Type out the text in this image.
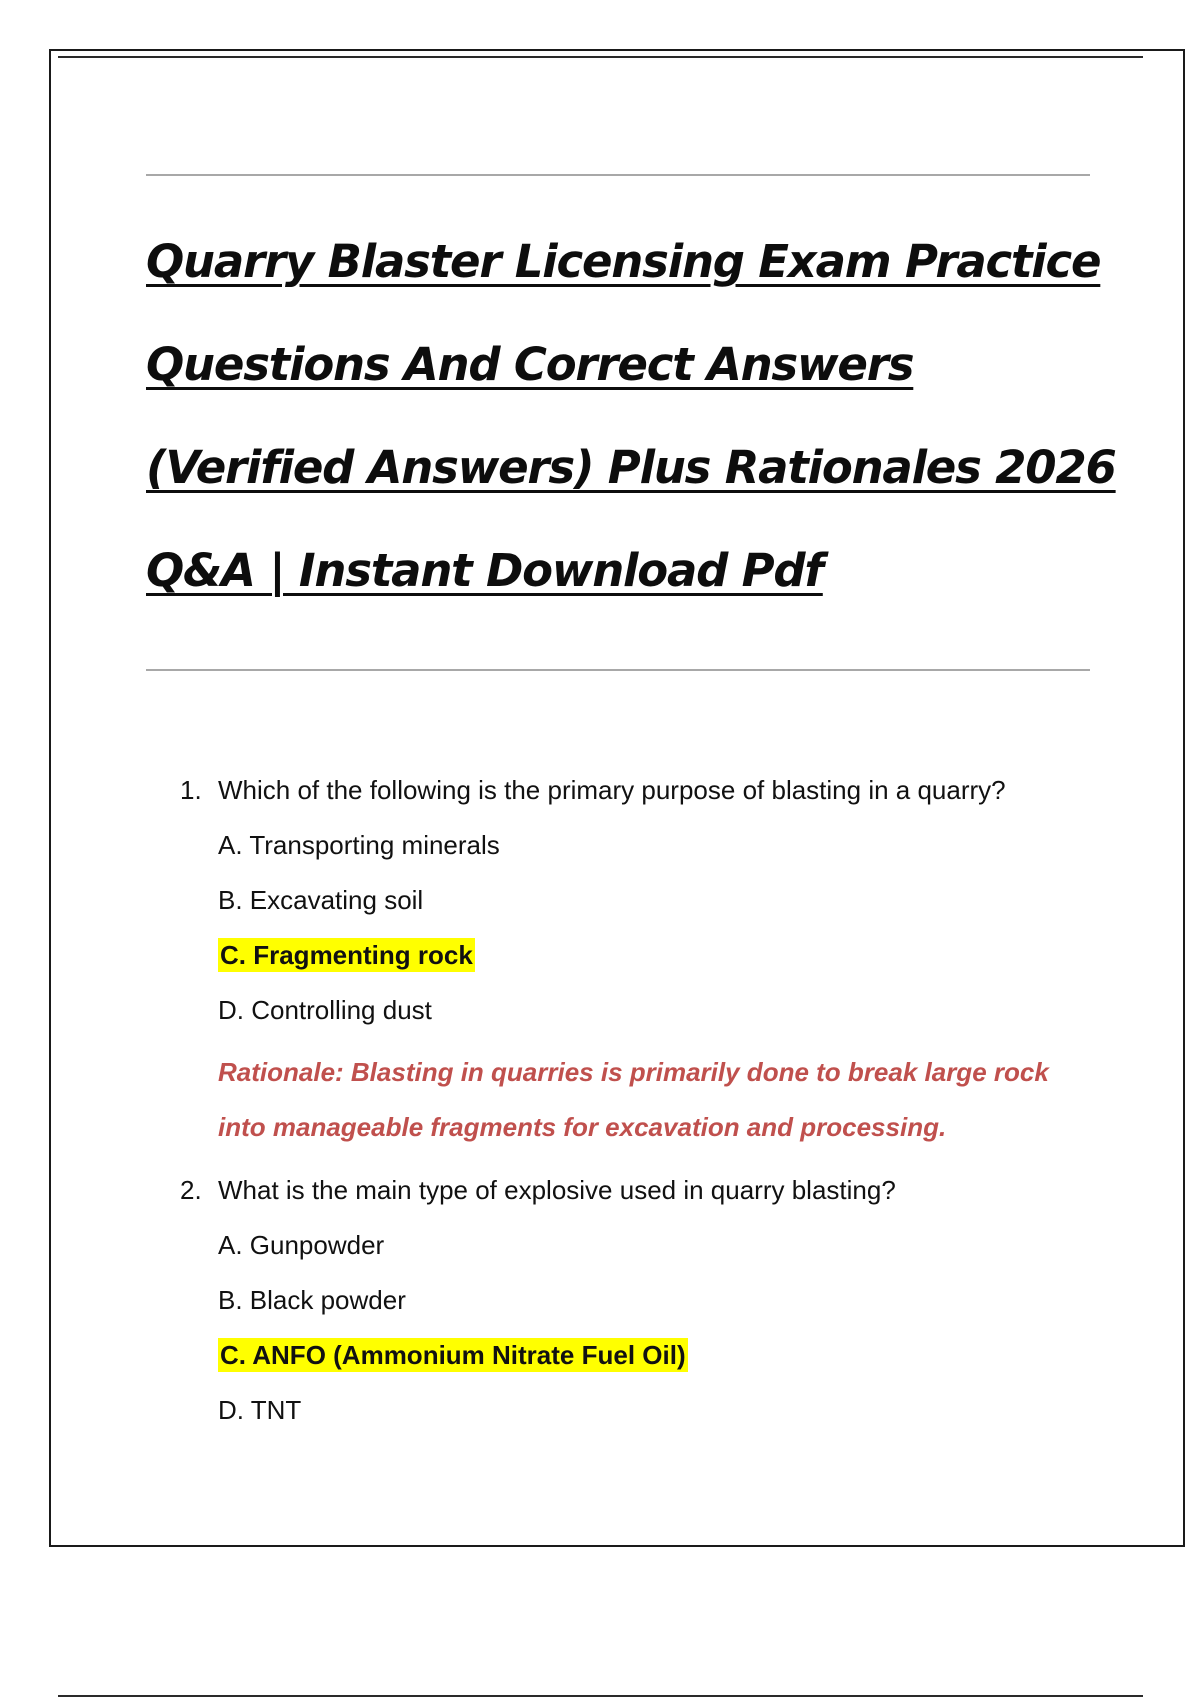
Quarry Blaster Licensing Exam Practice
Questions And Correct Answers
(Verified Answers) Plus Rationales 2026
Q&A | Instant Download Pdf
1. Which of the following is the primary purpose of blasting in a quarry?
A. Transporting minerals
B. Excavating soil
C. Fragmenting rock
D. Controlling dust
Rationale: Blasting in quarries is primarily done to break large rock
into manageable fragments for excavation and processing.
2. What is the main type of explosive used in quarry blasting?
A. Gunpowder
B. Black powder
C. ANFO (Ammonium Nitrate Fuel Oil)
D. TNT
